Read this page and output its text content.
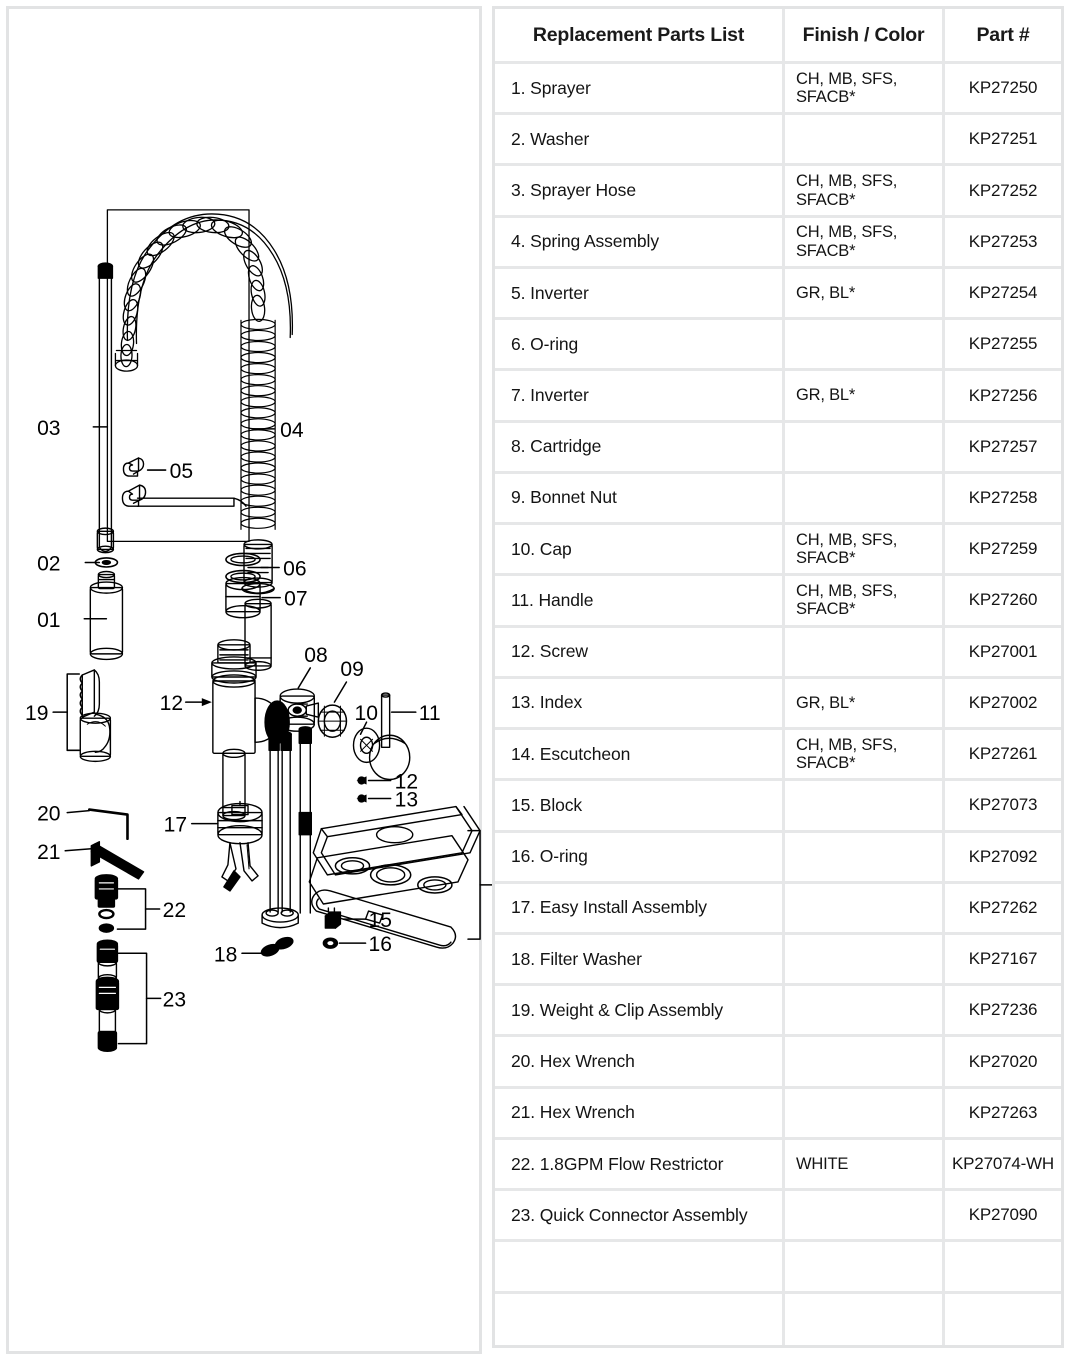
03	04
05
02
01
06
07
08
09
10 11
12
12
13
15
16
17
18
19
20
21
22
23
Replacement Parts List	Finish / Color	Part #
1. Sprayer	CH, MB, SFS, SFACB*	KP27250
2. Washer		KP27251
3. Sprayer Hose	CH, MB, SFS, SFACB*	KP27252
4. Spring Assembly	CH, MB, SFS, SFACB*	KP27253
5. Inverter	GR, BL*	KP27254
6. O-ring		KP27255
7. Inverter	GR, BL*	KP27256
8. Cartridge		KP27257
9. Bonnet Nut		KP27258
10. Cap	CH, MB, SFS, SFACB*	KP27259
11. Handle	CH, MB, SFS, SFACB*	KP27260
12. Screw		KP27001
13. Index	GR, BL*	KP27002
14. Escutcheon	CH, MB, SFS, SFACB*	KP27261
15. Block		KP27073
16. O-ring		KP27092
17. Easy Install Assembly		KP27262
18. Filter Washer		KP27167
19. Weight & Clip Assembly		KP27236
20. Hex Wrench		KP27020
21. Hex Wrench		KP27263
22. 1.8GPM Flow Restrictor	WHITE	KP27074-WH
23. Quick Connector Assembly		KP27090
